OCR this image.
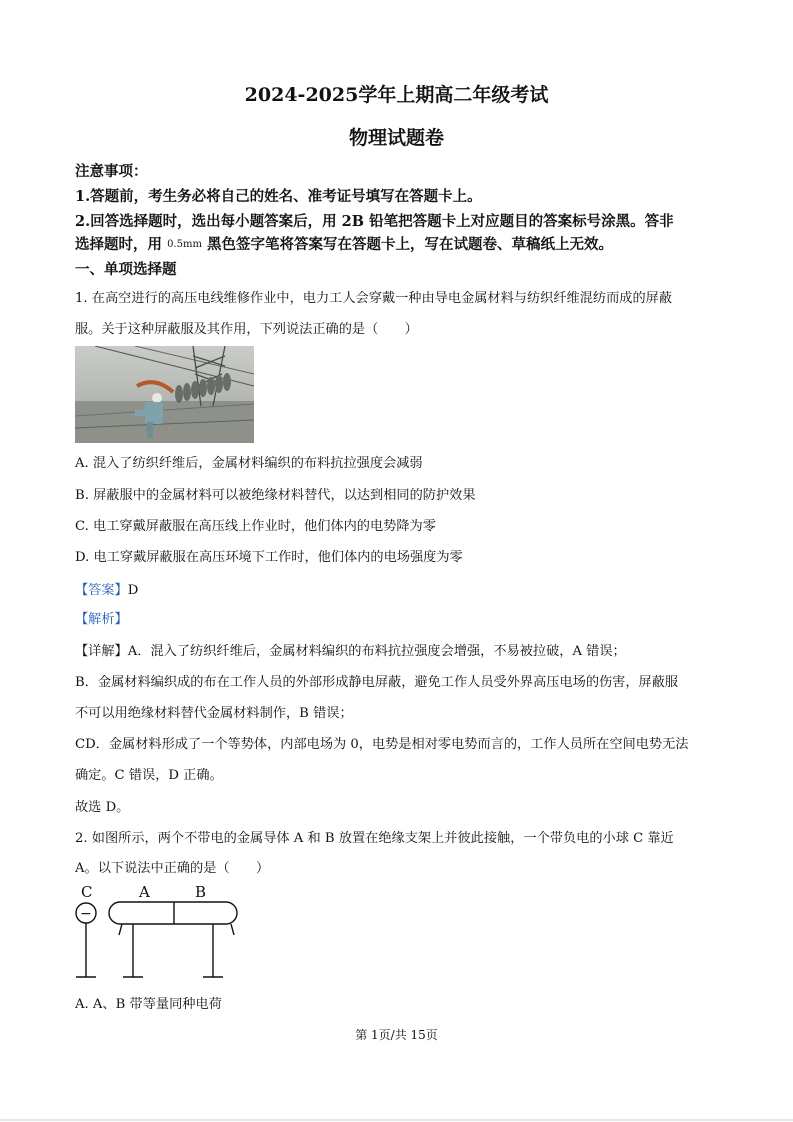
2024-2025学年上期高二年级考试
物理试题卷
注意事项：
1.答题前，考生务必将自己的姓名、准考证号填写在答题卡上。
2.回答选择题时，选出每小题答案后，用 2B 铅笔把答题卡上对应题目的答案标号涂黑。答非
选择题时，用 0.5mm 黑色签字笔将答案写在答题卡上，写在试题卷、草稿纸上无效。
一、单项选择题
1. 在高空进行的高压电线维修作业中，电力工人会穿戴一种由导电金属材料与纺织纤维混纺而成的屏蔽
服。关于这种屏蔽服及其作用，下列说法正确的是（　　）
A. 混入了纺织纤维后，金属材料编织的布料抗拉强度会减弱
B. 屏蔽服中的金属材料可以被绝缘材料替代，以达到相同的防护效果
C. 电工穿戴屏蔽服在高压线上作业时，他们体内的电势降为零
D. 电工穿戴屏蔽服在高压环境下工作时，他们体内的电场强度为零
【答案】D
【解析】
【详解】A．混入了纺织纤维后，金属材料编织的布料抗拉强度会增强，不易被拉破，A 错误；
B．金属材料编织成的布在工作人员的外部形成静电屏蔽，避免工作人员受外界高压电场的伤害，屏蔽服
不可以用绝缘材料替代金属材料制作，B 错误；
CD．金属材料形成了一个等势体，内部电场为 0，电势是相对零电势而言的，工作人员所在空间电势无法
确定。C 错误，D 正确。
故选 D。
2. 如图所示，两个不带电的金属导体 A 和 B 放置在绝缘支架上并彼此接触，一个带负电的小球 C 靠近
A。以下说法中正确的是（　　）
C	A	B
−
A. A、B 带等量同种电荷
第 1页/共 15页
